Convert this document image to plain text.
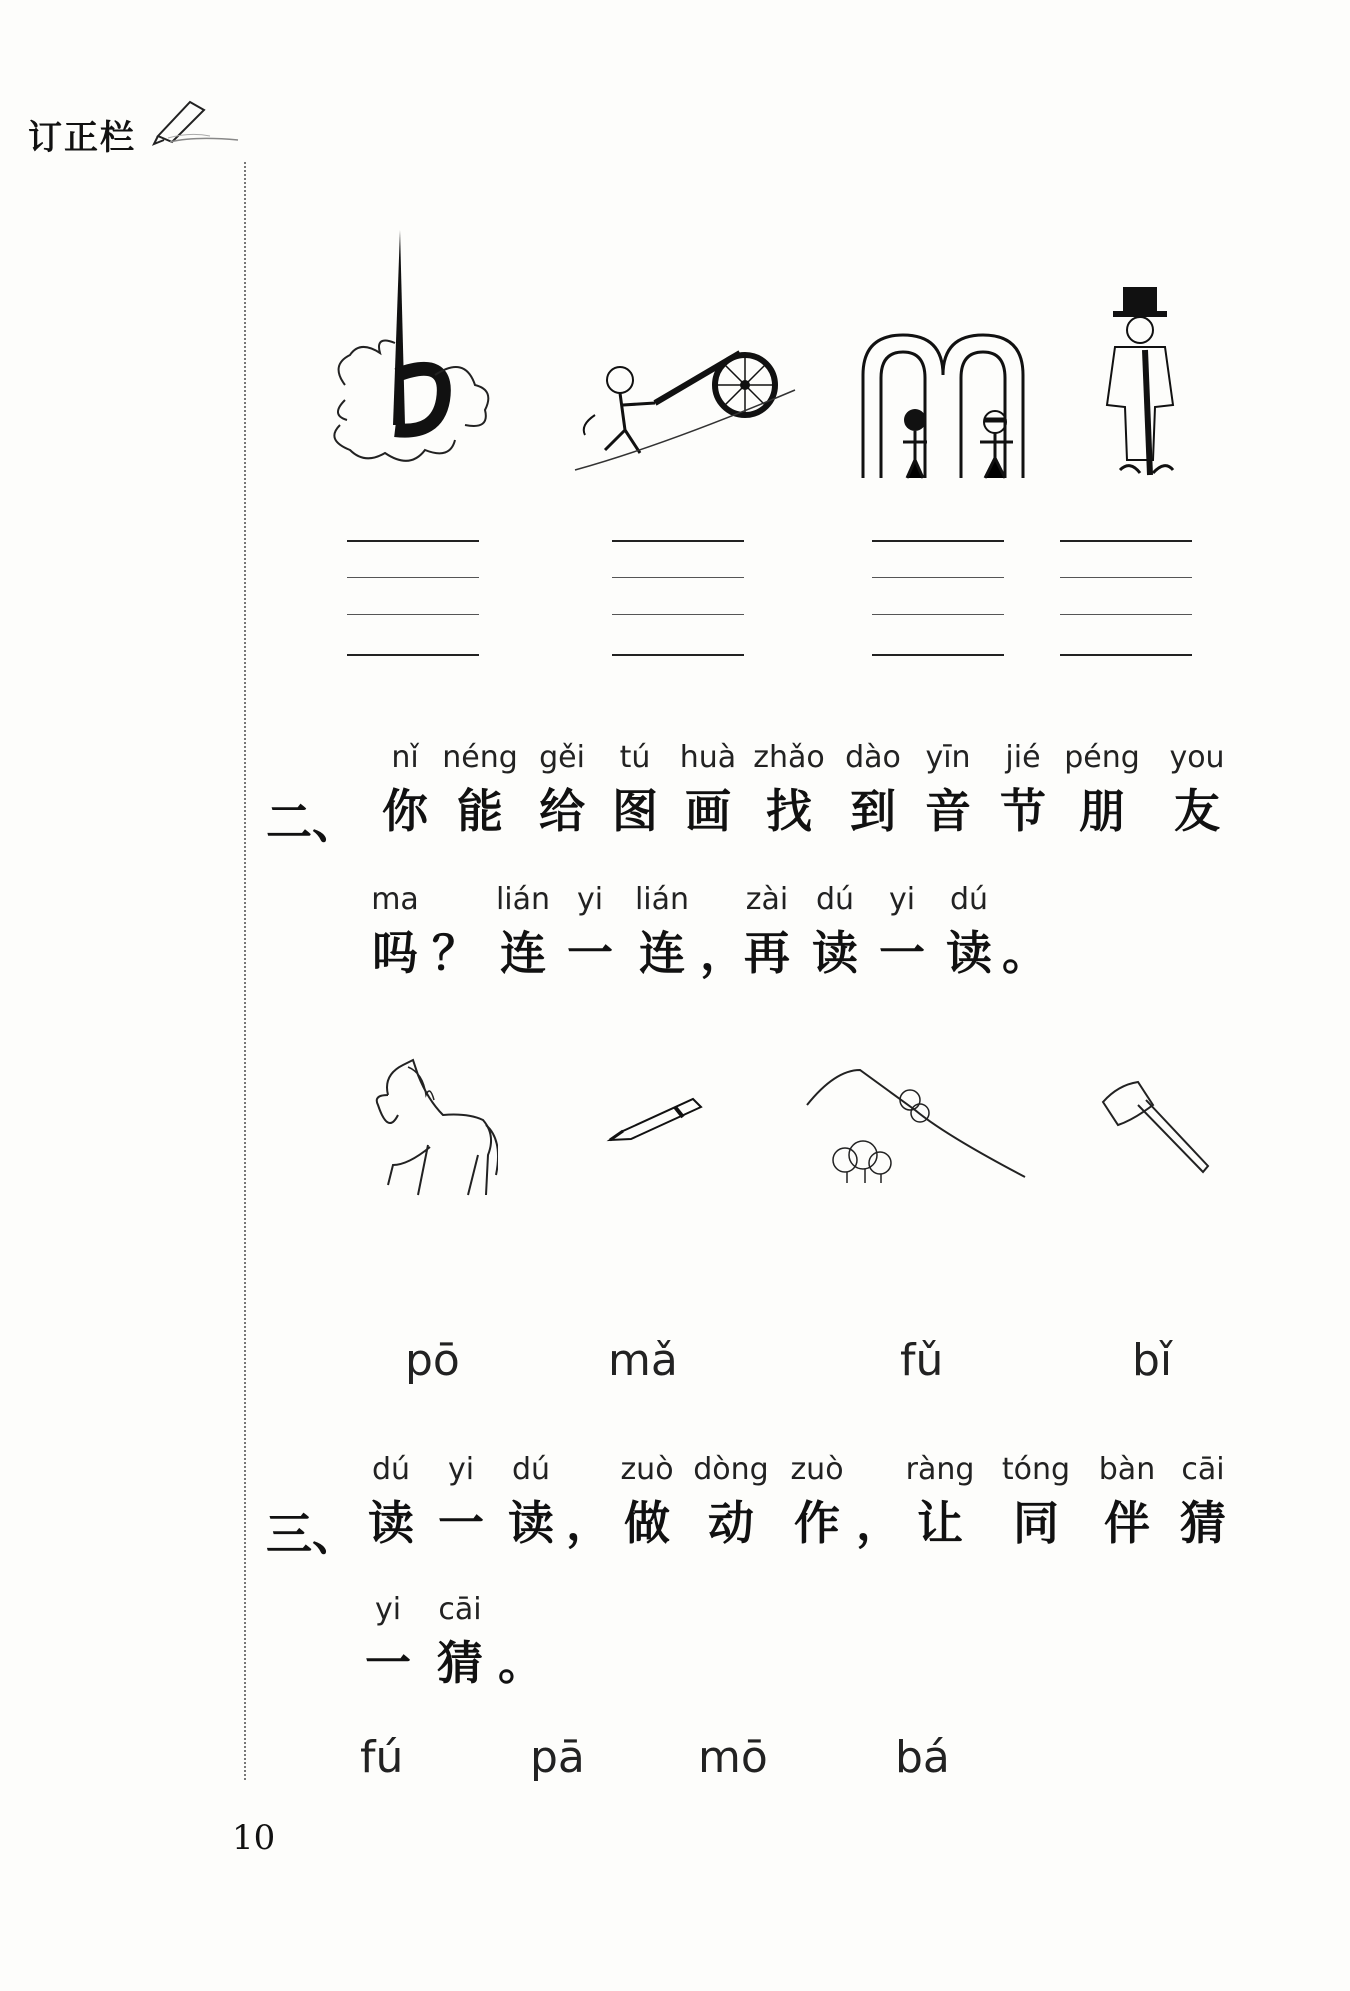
订正栏
二、
nǐ
你
néng
能
gěi
给
tú
图
huà
画
zhǎo
找
dào
到
yīn
音
jié
节
péng
朋
you
友
ma
吗
？
lián
连
yi
一
lián
连
，
zài
再
dú
读
yi
一
dú
读
。
pō	mǎ	fǔ	bǐ
三、
dú
读
yi
一
dú
读
，
zuò
做
dòng
动
zuò
作
，
ràng
让
tóng
同
bàn
伴
cāi
猜
yi
一
cāi
猜
。
fú	pā	mō	bá
10
